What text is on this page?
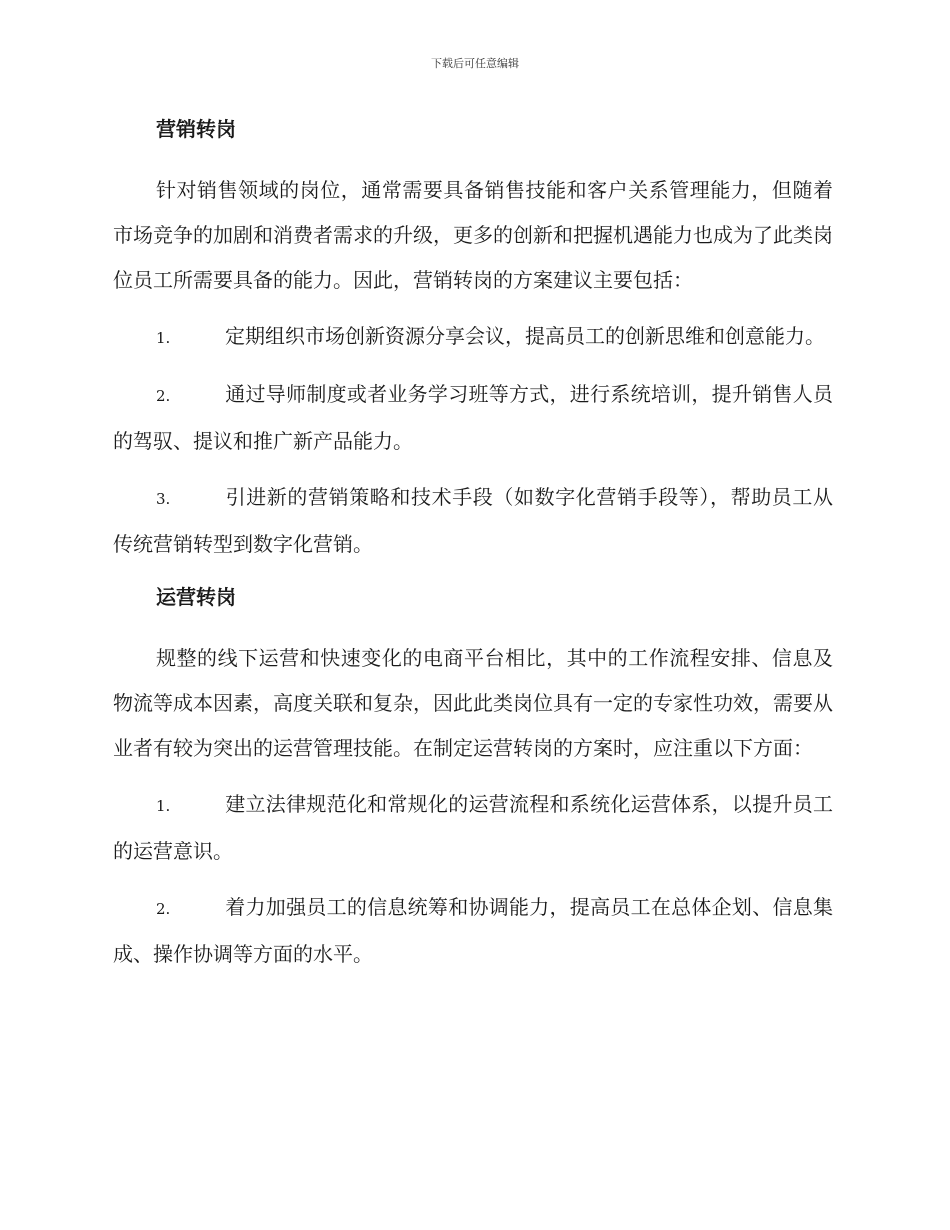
下载后可任意编辑
营销转岗

针对销售领域的岗位，通常需要具备销售技能和客户关系管理能力，但随着市场竞争的加剧和消费者需求的升级，更多的创新和把握机遇能力也成为了此类岗位员工所需要具备的能力。因此，营销转岗的方案建议主要包括：

1.	定期组织市场创新资源分享会议，提高员工的创新思维和创意能力。

2.	通过导师制度或者业务学习班等方式，进行系统培训，提升销售人员的驾驭、提议和推广新产品能力。

3.	引进新的营销策略和技术手段（如数字化营销手段等），帮助员工从传统营销转型到数字化营销。

运营转岗

规整的线下运营和快速变化的电商平台相比，其中的工作流程安排、信息及物流等成本因素，高度关联和复杂，因此此类岗位具有一定的专家性功效，需要从业者有较为突出的运营管理技能。在制定运营转岗的方案时，应注重以下方面：

1.	建立法律规范化和常规化的运营流程和系统化运营体系，以提升员工的运营意识。

2.	着力加强员工的信息统筹和协调能力，提高员工在总体企划、信息集成、操作协调等方面的水平。
